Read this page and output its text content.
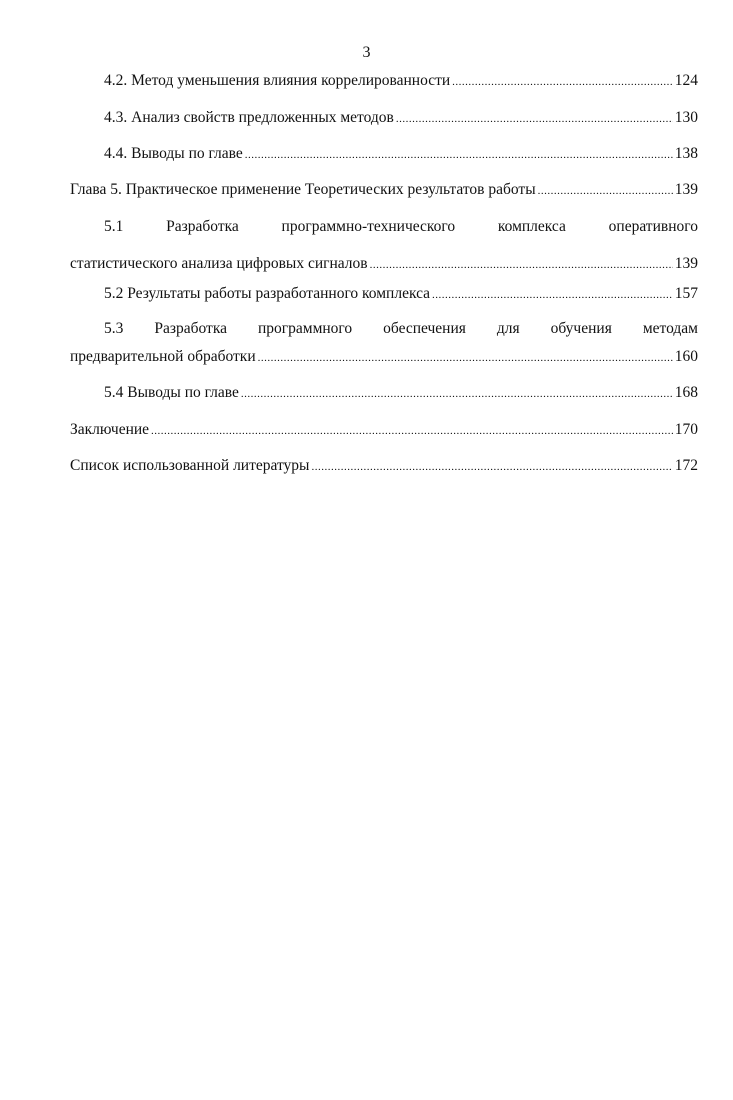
3
4.2. Метод уменьшения влияния коррелированности .....	124
4.3. Анализ свойств предложенных методов .....	130
4.4. Выводы по главе .....	138
Глава 5. Практическое применение Теоретических результатов работы .....	139
5.1	Разработка	программно-технического	комплекса	оперативного
статистического анализа цифровых сигналов .....	139
5.2 Результаты работы разработанного комплекса .....	157
5.3 Разработка программного обеспечения для обучения методам
предварительной обработки .....	160
5.4 Выводы по главе .....	168
Заключение .....	170
Список использованной литературы .....	172
